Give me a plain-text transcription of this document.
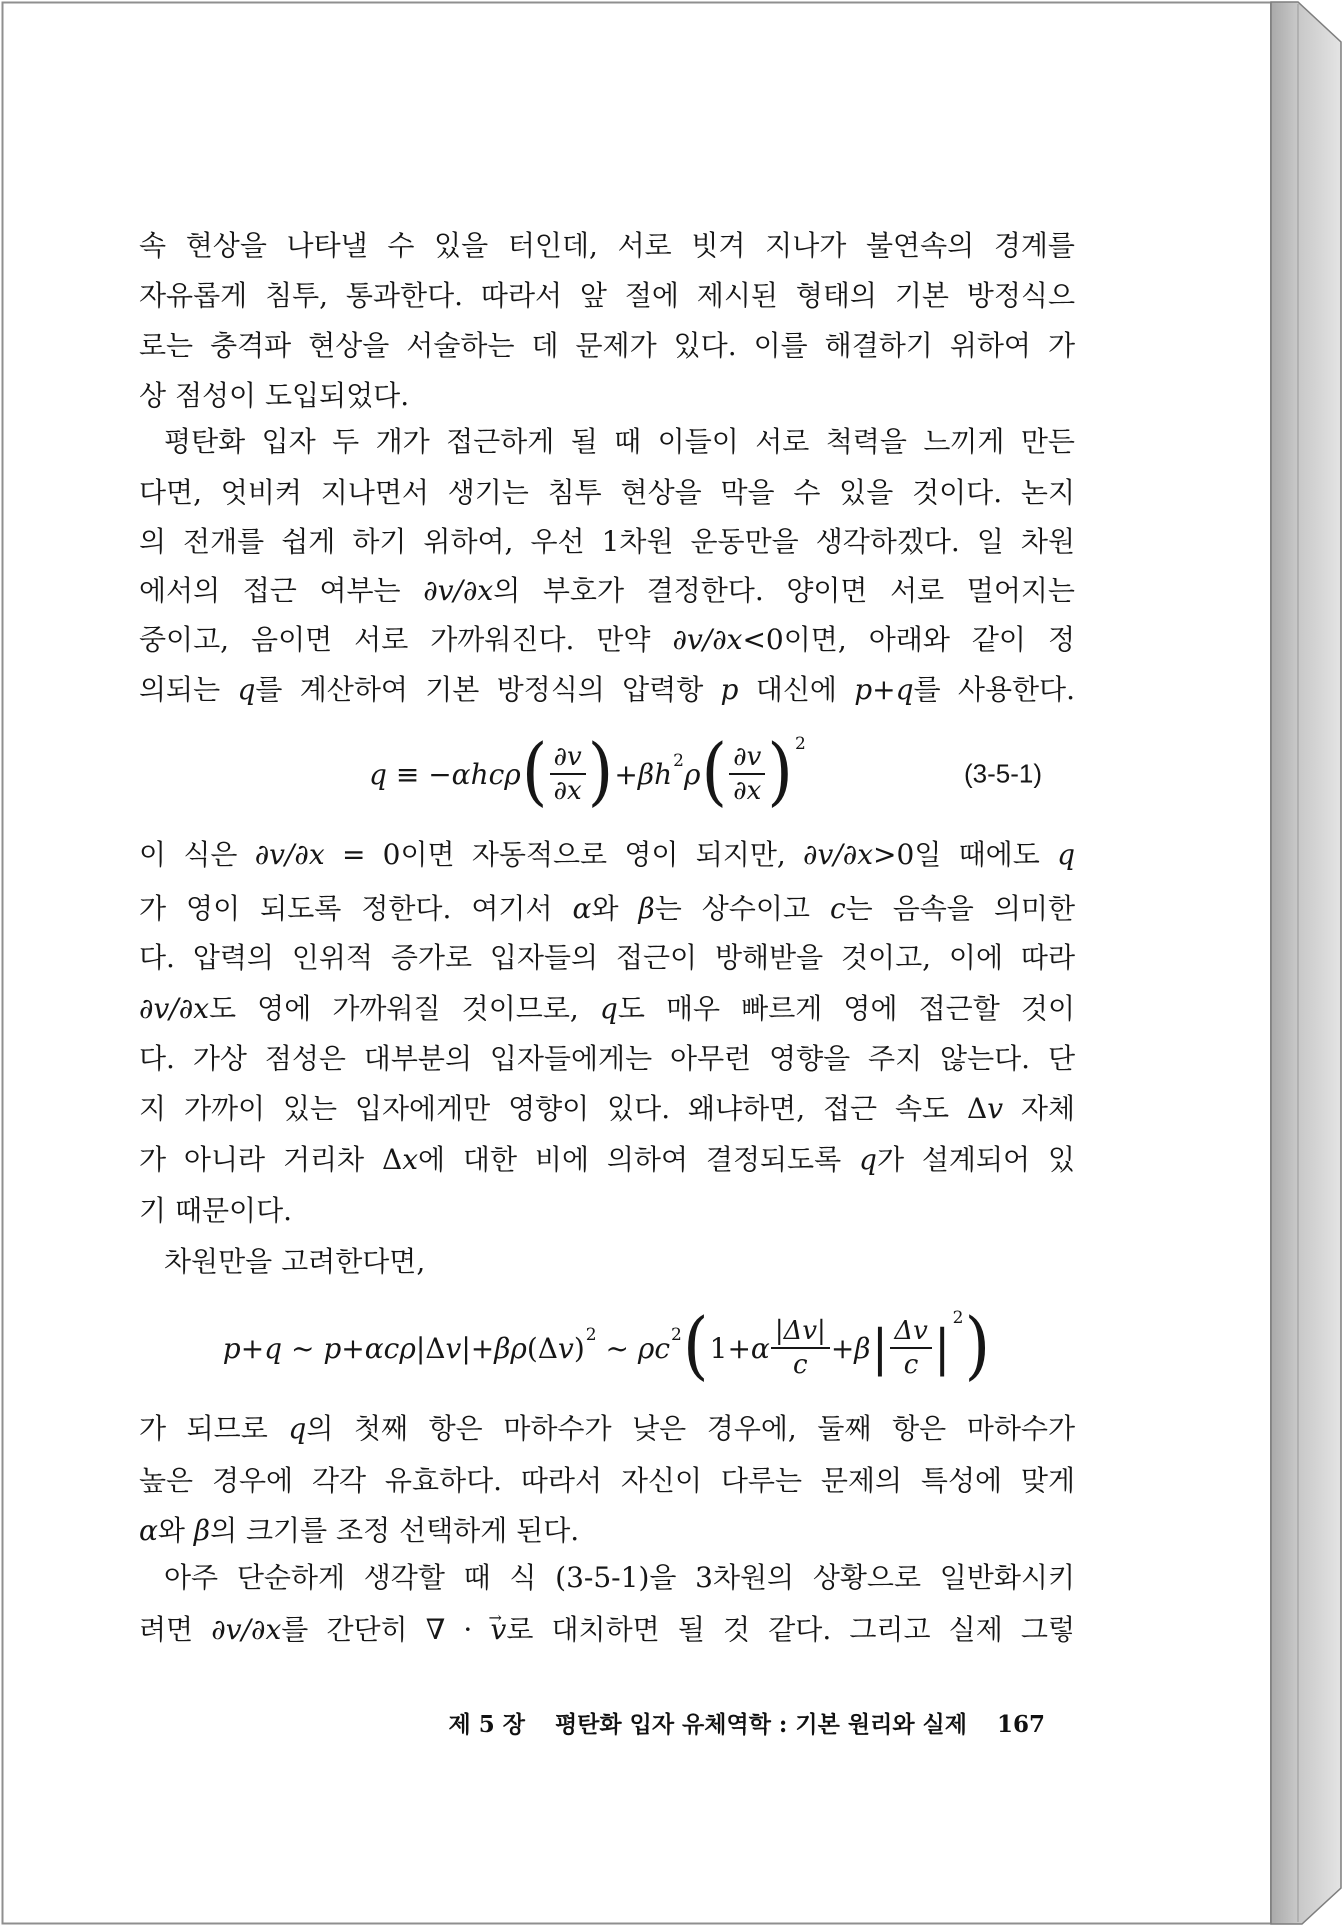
속 현상을 나타낼 수 있을 터인데, 서로 빗겨 지나가 불연속의 경계를
자유롭게 침투, 통과한다. 따라서 앞 절에 제시된 형태의 기본 방정식으
로는 충격파 현상을 서술하는 데 문제가 있다. 이를 해결하기 위하여 가
상 점성이 도입되었다.
평탄화 입자 두 개가 접근하게 될 때 이들이 서로 척력을 느끼게 만든
다면, 엇비켜 지나면서 생기는 침투 현상을 막을 수 있을 것이다. 논지
의 전개를 쉽게 하기 위하여, 우선 1차원 운동만을 생각하겠다. 일 차원
에서의 접근 여부는 ∂v/∂x의 부호가 결정한다. 양이면 서로 멀어지는
중이고, 음이면 서로 가까워진다. 만약 ∂v/∂x<0이면, 아래와 같이 정
의되는 q를 계산하여 기본 방정식의 압력항 p 대신에 p+q를 사용한다.
이 식은 ∂v/∂x = 0이면 자동적으로 영이 되지만, ∂v/∂x>0일 때에도 q
가 영이 되도록 정한다. 여기서 α와 β는 상수이고 c는 음속을 의미한
다. 압력의 인위적 증가로 입자들의 접근이 방해받을 것이고, 이에 따라
∂v/∂x도 영에 가까워질 것이므로, q도 매우 빠르게 영에 접근할 것이
다. 가상 점성은 대부분의 입자들에게는 아무런 영향을 주지 않는다. 단
지 가까이 있는 입자에게만 영향이 있다. 왜냐하면, 접근 속도 Δv 자체
가 아니라 거리차 Δx에 대한 비에 의하여 결정되도록 q가 설계되어 있
기 때문이다.
차원만을 고려한다면,
가 되므로 q의 첫째 항은 마하수가 낮은 경우에, 둘째 항은 마하수가
높은 경우에 각각 유효하다. 따라서 자신이 다루는 문제의 특성에 맞게
α와 β의 크기를 조정 선택하게 된다.
아주 단순하게 생각할 때 식 (3-5-1)을 3차원의 상황으로 일반화시키
려면 ∂v/∂x를 간단히 ∇ · → v로 대치하면 될 것 같다. 그리고 실제 그렇
q ≡ − αhcρ ( $\frac{\partial v}{\partial x}$ ) + βh 2 ρ ( $\frac{\partial v}{\partial x}$ ) 2
(3-5-1)
p + q ~ p + αcρ |Δ v |+ βρ (Δ v ) 2 ~ ρc 2 ( 1+ α $\frac{|\Delta v|}{c} + \beta$ | $\frac{\Delta v}{c}$ |
2 )
제 5 장 평탄화 입자 유체역학 : 기본 원리와 실제 167
